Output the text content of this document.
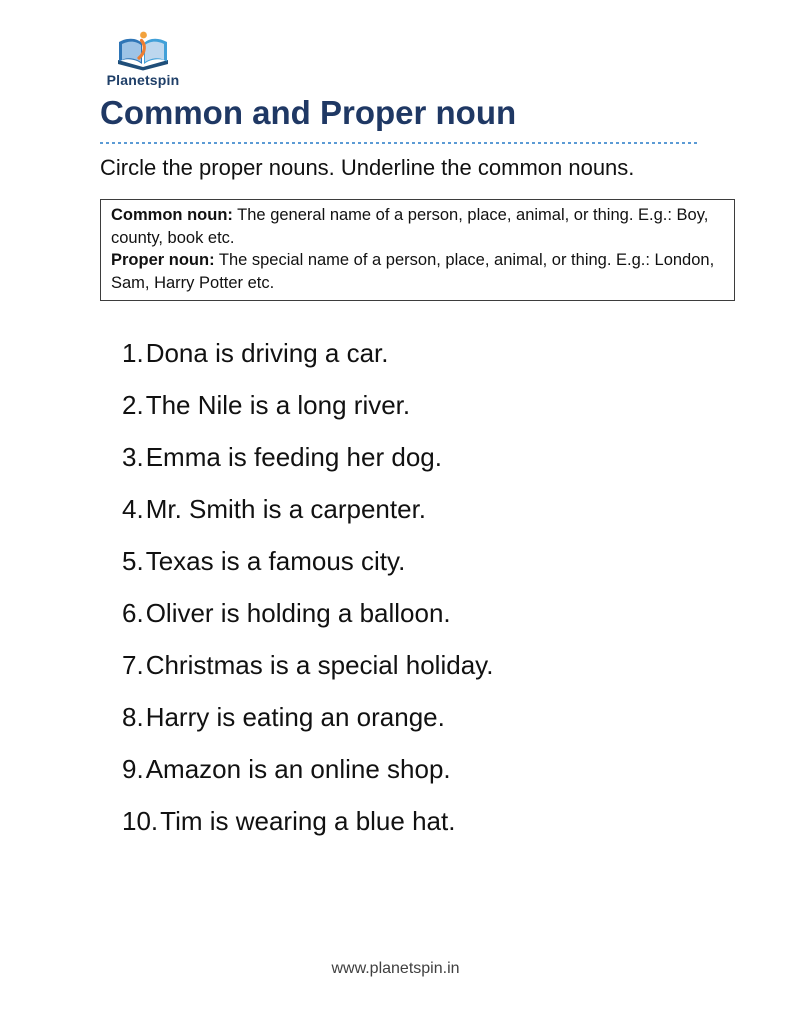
Planetspin
Common and Proper noun

Circle the proper nouns. Underline the common nouns.

Common noun: The general name of a person, place, animal, or thing. E.g.: Boy, county, book etc.

Proper noun: The special name of a person, place, animal, or thing. E.g.: London, Sam, Harry Potter etc.

1.Dona is driving a car.
2.The Nile is a long river.
3.Emma is feeding her dog.
4.Mr. Smith is a carpenter.
5.Texas is a famous city.
6.Oliver is holding a balloon.
7.Christmas is a special holiday.
8.Harry is eating an orange.
9.Amazon is an online shop.
10.Tim is wearing a blue hat.
www.planetspin.in
